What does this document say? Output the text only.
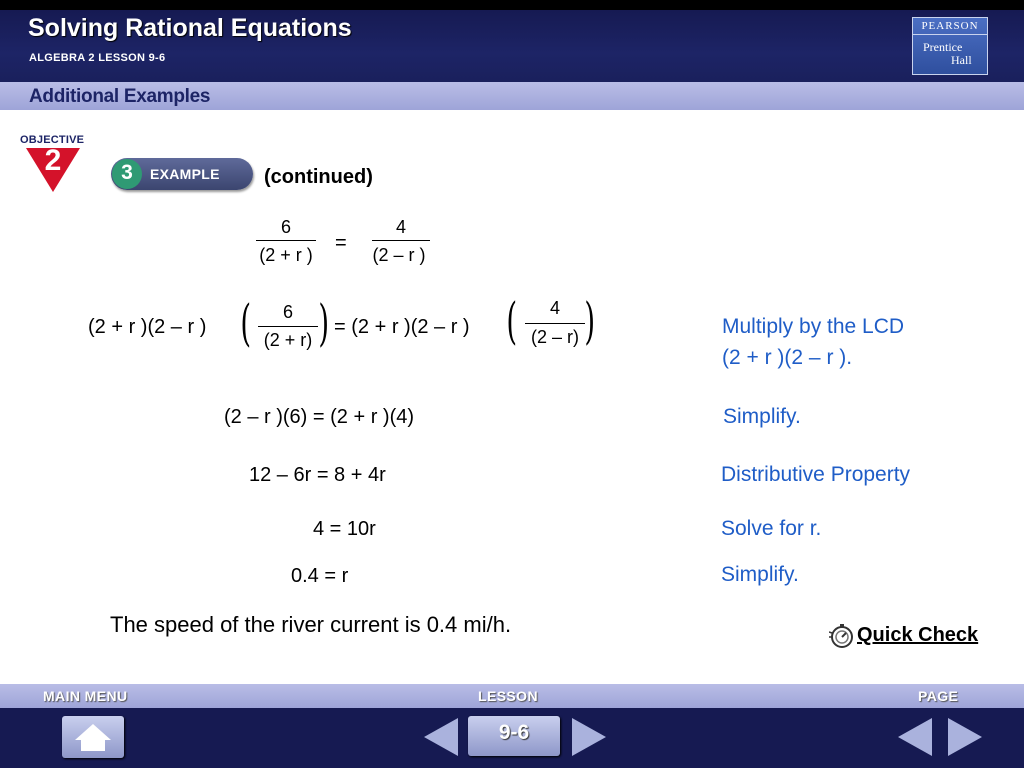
Solving Rational Equations
ALGEBRA 2 LESSON 9-6
PEARSON
Prentice
Hall
Additional Examples
OBJECTIVE
2	3	EXAMPLE (continued)
6
(2 + r )
=
4
(2 – r )
(2 + r )(2 – r ) (	6
(2 + r) ) = (2 + r )(2 – r ) (	4
(2 – r) )	Multiply by the LCD
(2 + r )(2 – r ).
(2 – r )(6) = (2 + r )(4)	Simplify.
12 – 6r = 8 + 4r	Distributive Property
4 = 10r	Solve for r.
0.4 = r	Simplify.
The speed of the river current is 0.4 mi/h.	Quick Check
MAIN MENU	LESSON	PAGE
9-6
